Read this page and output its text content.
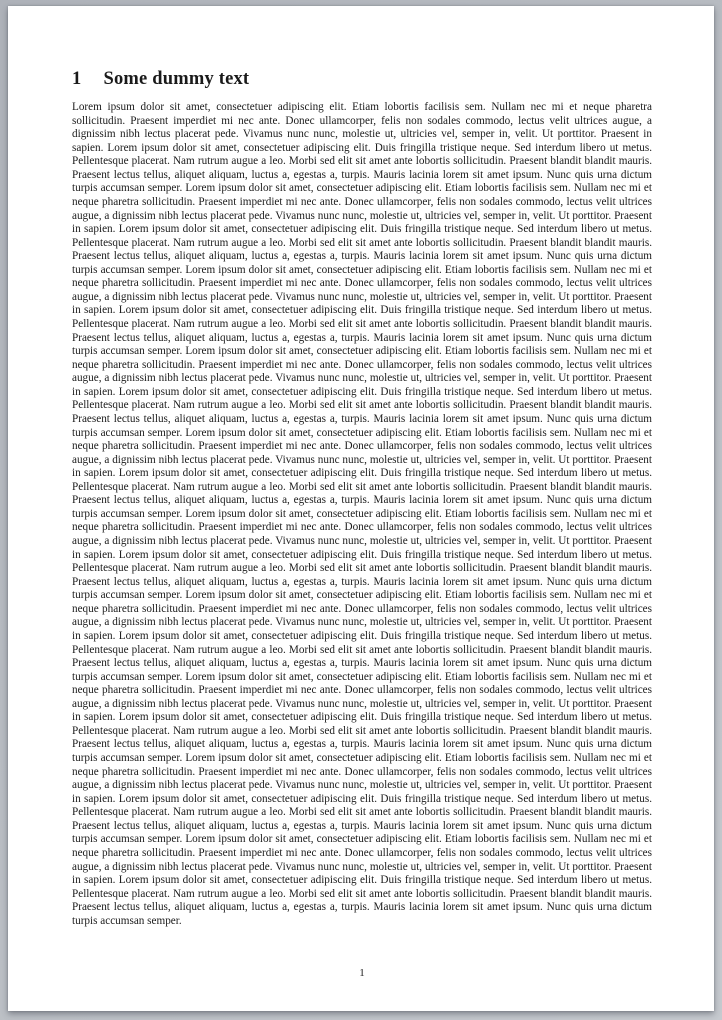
1 Some dummy text
Lorem ipsum dolor sit amet, consectetuer adipiscing elit. Etiam lobortis facilisis sem. Nullam nec mi et neque pharetra sollicitudin. Praesent imperdiet mi nec ante. Donec ullamcorper, felis non sodales commodo, lectus velit ultrices augue, a dignissim nibh lectus placerat pede. Vivamus nunc nunc, molestie ut, ultricies vel, semper in, velit. Ut porttitor. Praesent in sapien. Lorem ipsum dolor sit amet, consectetuer adipiscing elit. Duis fringilla tristique neque. Sed interdum libero ut metus. Pellentesque placerat. Nam rutrum augue a leo. Morbi sed elit sit amet ante lobortis sollicitudin. Praesent blandit blandit mauris. Praesent lectus tellus, aliquet aliquam, luctus a, egestas a, turpis. Mauris lacinia lorem sit amet ipsum. Nunc quis urna dictum turpis accumsan semper. Lorem ipsum dolor sit amet, consectetuer adipiscing elit. Etiam lobortis facilisis sem. Nullam nec mi et neque pharetra sollicitudin. Praesent imperdiet mi nec ante. Donec ullamcorper, felis non sodales commodo, lectus velit ultrices augue, a dignissim nibh lectus placerat pede. Vivamus nunc nunc, molestie ut, ultricies vel, semper in, velit. Ut porttitor. Praesent in sapien. Lorem ipsum dolor sit amet, consectetuer adipiscing elit. Duis fringilla tristique neque. Sed interdum libero ut metus. Pellentesque placerat. Nam rutrum augue a leo. Morbi sed elit sit amet ante lobortis sollicitudin. Praesent blandit blandit mauris. Praesent lectus tellus, aliquet aliquam, luctus a, egestas a, turpis. Mauris lacinia lorem sit amet ipsum. Nunc quis urna dictum turpis accumsan semper. Lorem ipsum dolor sit amet, consectetuer adipiscing elit. Etiam lobortis facilisis sem. Nullam nec mi et neque pharetra sollicitudin. Praesent imperdiet mi nec ante. Donec ullamcorper, felis non sodales commodo, lectus velit ultrices augue, a dignissim nibh lectus placerat pede. Vivamus nunc nunc, molestie ut, ultricies vel, semper in, velit. Ut porttitor. Praesent in sapien. Lorem ipsum dolor sit amet, consectetuer adipiscing elit. Duis fringilla tristique neque. Sed interdum libero ut metus. Pellentesque placerat. Nam rutrum augue a leo. Morbi sed elit sit amet ante lobortis sollicitudin. Praesent blandit blandit mauris. Praesent lectus tellus, aliquet aliquam, luctus a, egestas a, turpis. Mauris lacinia lorem sit amet ipsum. Nunc quis urna dictum turpis accumsan semper. Lorem ipsum dolor sit amet, consectetuer adipiscing elit. Etiam lobortis facilisis sem. Nullam nec mi et neque pharetra sollicitudin. Praesent imperdiet mi nec ante. Donec ullamcorper, felis non sodales commodo, lectus velit ultrices augue, a dignissim nibh lectus placerat pede. Vivamus nunc nunc, molestie ut, ultricies vel, semper in, velit. Ut porttitor. Praesent in sapien. Lorem ipsum dolor sit amet, consectetuer adipiscing elit. Duis fringilla tristique neque. Sed interdum libero ut metus. Pellentesque placerat. Nam rutrum augue a leo. Morbi sed elit sit amet ante lobortis sollicitudin. Praesent blandit blandit mauris. Praesent lectus tellus, aliquet aliquam, luctus a, egestas a, turpis. Mauris lacinia lorem sit amet ipsum. Nunc quis urna dictum turpis accumsan semper. Lorem ipsum dolor sit amet, consectetuer adipiscing elit. Etiam lobortis facilisis sem. Nullam nec mi et neque pharetra sollicitudin. Praesent imperdiet mi nec ante. Donec ullamcorper, felis non sodales commodo, lectus velit ultrices augue, a dignissim nibh lectus placerat pede. Vivamus nunc nunc, molestie ut, ultricies vel, semper in, velit. Ut porttitor. Praesent in sapien. Lorem ipsum dolor sit amet, consectetuer adipiscing elit. Duis fringilla tristique neque. Sed interdum libero ut metus. Pellentesque placerat. Nam rutrum augue a leo. Morbi sed elit sit amet ante lobortis sollicitudin. Praesent blandit blandit mauris. Praesent lectus tellus, aliquet aliquam, luctus a, egestas a, turpis. Mauris lacinia lorem sit amet ipsum. Nunc quis urna dictum turpis accumsan semper. Lorem ipsum dolor sit amet, consectetuer adipiscing elit. Etiam lobortis facilisis sem. Nullam nec mi et neque pharetra sollicitudin. Praesent imperdiet mi nec ante. Donec ullamcorper, felis non sodales commodo, lectus velit ultrices augue, a dignissim nibh lectus placerat pede. Vivamus nunc nunc, molestie ut, ultricies vel, semper in, velit. Ut porttitor. Praesent in sapien. Lorem ipsum dolor sit amet, consectetuer adipiscing elit. Duis fringilla tristique neque. Sed interdum libero ut metus. Pellentesque placerat. Nam rutrum augue a leo. Morbi sed elit sit amet ante lobortis sollicitudin. Praesent blandit blandit mauris. Praesent lectus tellus, aliquet aliquam, luctus a, egestas a, turpis. Mauris lacinia lorem sit amet ipsum. Nunc quis urna dictum turpis accumsan semper. Lorem ipsum dolor sit amet, consectetuer adipiscing elit. Etiam lobortis facilisis sem. Nullam nec mi et neque pharetra sollicitudin. Praesent imperdiet mi nec ante. Donec ullamcorper, felis non sodales commodo, lectus velit ultrices augue, a dignissim nibh lectus placerat pede. Vivamus nunc nunc, molestie ut, ultricies vel, semper in, velit. Ut porttitor. Praesent in sapien. Lorem ipsum dolor sit amet, consectetuer adipiscing elit. Duis fringilla tristique neque. Sed interdum libero ut metus. Pellentesque placerat. Nam rutrum augue a leo. Morbi sed elit sit amet ante lobortis sollicitudin. Praesent blandit blandit mauris. Praesent lectus tellus, aliquet aliquam, luctus a, egestas a, turpis. Mauris lacinia lorem sit amet ipsum. Nunc quis urna dictum turpis accumsan semper. Lorem ipsum dolor sit amet, consectetuer adipiscing elit. Etiam lobortis facilisis sem. Nullam nec mi et neque pharetra sollicitudin. Praesent imperdiet mi nec ante. Donec ullamcorper, felis non sodales commodo, lectus velit ultrices augue, a dignissim nibh lectus placerat pede. Vivamus nunc nunc, molestie ut, ultricies vel, semper in, velit. Ut porttitor. Praesent in sapien. Lorem ipsum dolor sit amet, consectetuer adipiscing elit. Duis fringilla tristique neque. Sed interdum libero ut metus. Pellentesque placerat. Nam rutrum augue a leo. Morbi sed elit sit amet ante lobortis sollicitudin. Praesent blandit blandit mauris. Praesent lectus tellus, aliquet aliquam, luctus a, egestas a, turpis. Mauris lacinia lorem sit amet ipsum. Nunc quis urna dictum turpis accumsan semper. Lorem ipsum dolor sit amet, consectetuer adipiscing elit. Etiam lobortis facilisis sem. Nullam nec mi et neque pharetra sollicitudin. Praesent imperdiet mi nec ante. Donec ullamcorper, felis non sodales commodo, lectus velit ultrices augue, a dignissim nibh lectus placerat pede. Vivamus nunc nunc, molestie ut, ultricies vel, semper in, velit. Ut porttitor. Praesent in sapien. Lorem ipsum dolor sit amet, consectetuer adipiscing elit. Duis fringilla tristique neque. Sed interdum libero ut metus. Pellentesque placerat. Nam rutrum augue a leo. Morbi sed elit sit amet ante lobortis sollicitudin. Praesent blandit blandit mauris. Praesent lectus tellus, aliquet aliquam, luctus a, egestas a, turpis. Mauris lacinia lorem sit amet ipsum. Nunc quis urna dictum turpis accumsan semper. Lorem ipsum dolor sit amet, consectetuer adipiscing elit. Etiam lobortis facilisis sem. Nullam nec mi et neque pharetra sollicitudin. Praesent imperdiet mi nec ante. Donec ullamcorper, felis non sodales commodo, lectus velit ultrices augue, a dignissim nibh lectus placerat pede. Vivamus nunc nunc, molestie ut, ultricies vel, semper in, velit. Ut porttitor. Praesent in sapien. Lorem ipsum dolor sit amet, consectetuer adipiscing elit. Duis fringilla tristique neque. Sed interdum libero ut metus. Pellentesque placerat. Nam rutrum augue a leo. Morbi sed elit sit amet ante lobortis sollicitudin. Praesent blandit blandit mauris. Praesent lectus tellus, aliquet aliquam, luctus a, egestas a, turpis. Mauris lacinia lorem sit amet ipsum. Nunc quis urna dictum turpis accumsan semper.
1
